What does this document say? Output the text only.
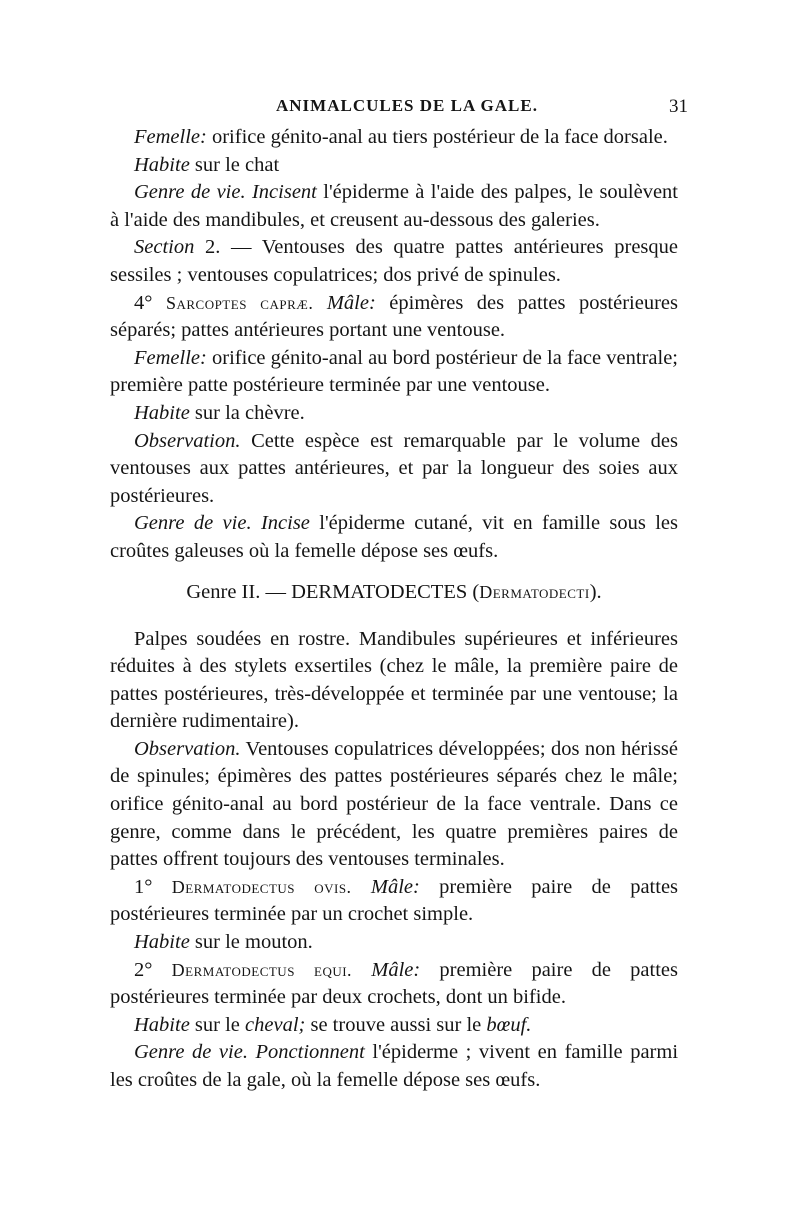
ANIMALCULES DE LA GALE.	31

Femelle: orifice génito-anal au tiers postérieur de la face dorsale.

Habite sur le chat

Genre de vie. Incisent l'épiderme à l'aide des palpes, le soulèvent à l'aide des mandibules, et creusent au-dessous des galeries.

Section 2. — Ventouses des quatre pattes antérieures presque sessiles ; ventouses copulatrices; dos privé de spinules.

4° Sarcoptes capræ. Mâle: épimères des pattes postérieures séparés; pattes antérieures portant une ventouse.

Femelle: orifice génito-anal au bord postérieur de la face ventrale; première patte postérieure terminée par une ventouse.

Habite sur la chèvre.

Observation. Cette espèce est remarquable par le volume des ventouses aux pattes antérieures, et par la longueur des soies aux postérieures.

Genre de vie. Incise l'épiderme cutané, vit en famille sous les croûtes galeuses où la femelle dépose ses œufs.

Genre II. — DERMATODECTES (Dermatodecti).

Palpes soudées en rostre. Mandibules supérieures et inférieures réduites à des stylets exsertiles (chez le mâle, la première paire de pattes postérieures, très-développée et terminée par une ventouse; la dernière rudimentaire).

Observation. Ventouses copulatrices développées; dos non hérissé de spinules; épimères des pattes postérieures séparés chez le mâle; orifice génito-anal au bord postérieur de la face ventrale. Dans ce genre, comme dans le précédent, les quatre premières paires de pattes offrent toujours des ventouses terminales.

1° Dermatodectus ovis. Mâle: première paire de pattes postérieures terminée par un crochet simple.

Habite sur le mouton.

2° Dermatodectus equi. Mâle: première paire de pattes postérieures terminée par deux crochets, dont un bifide.

Habite sur le cheval; se trouve aussi sur le bœuf.

Genre de vie. Ponctionnent l'épiderme ; vivent en famille parmi les croûtes de la gale, où la femelle dépose ses œufs.
